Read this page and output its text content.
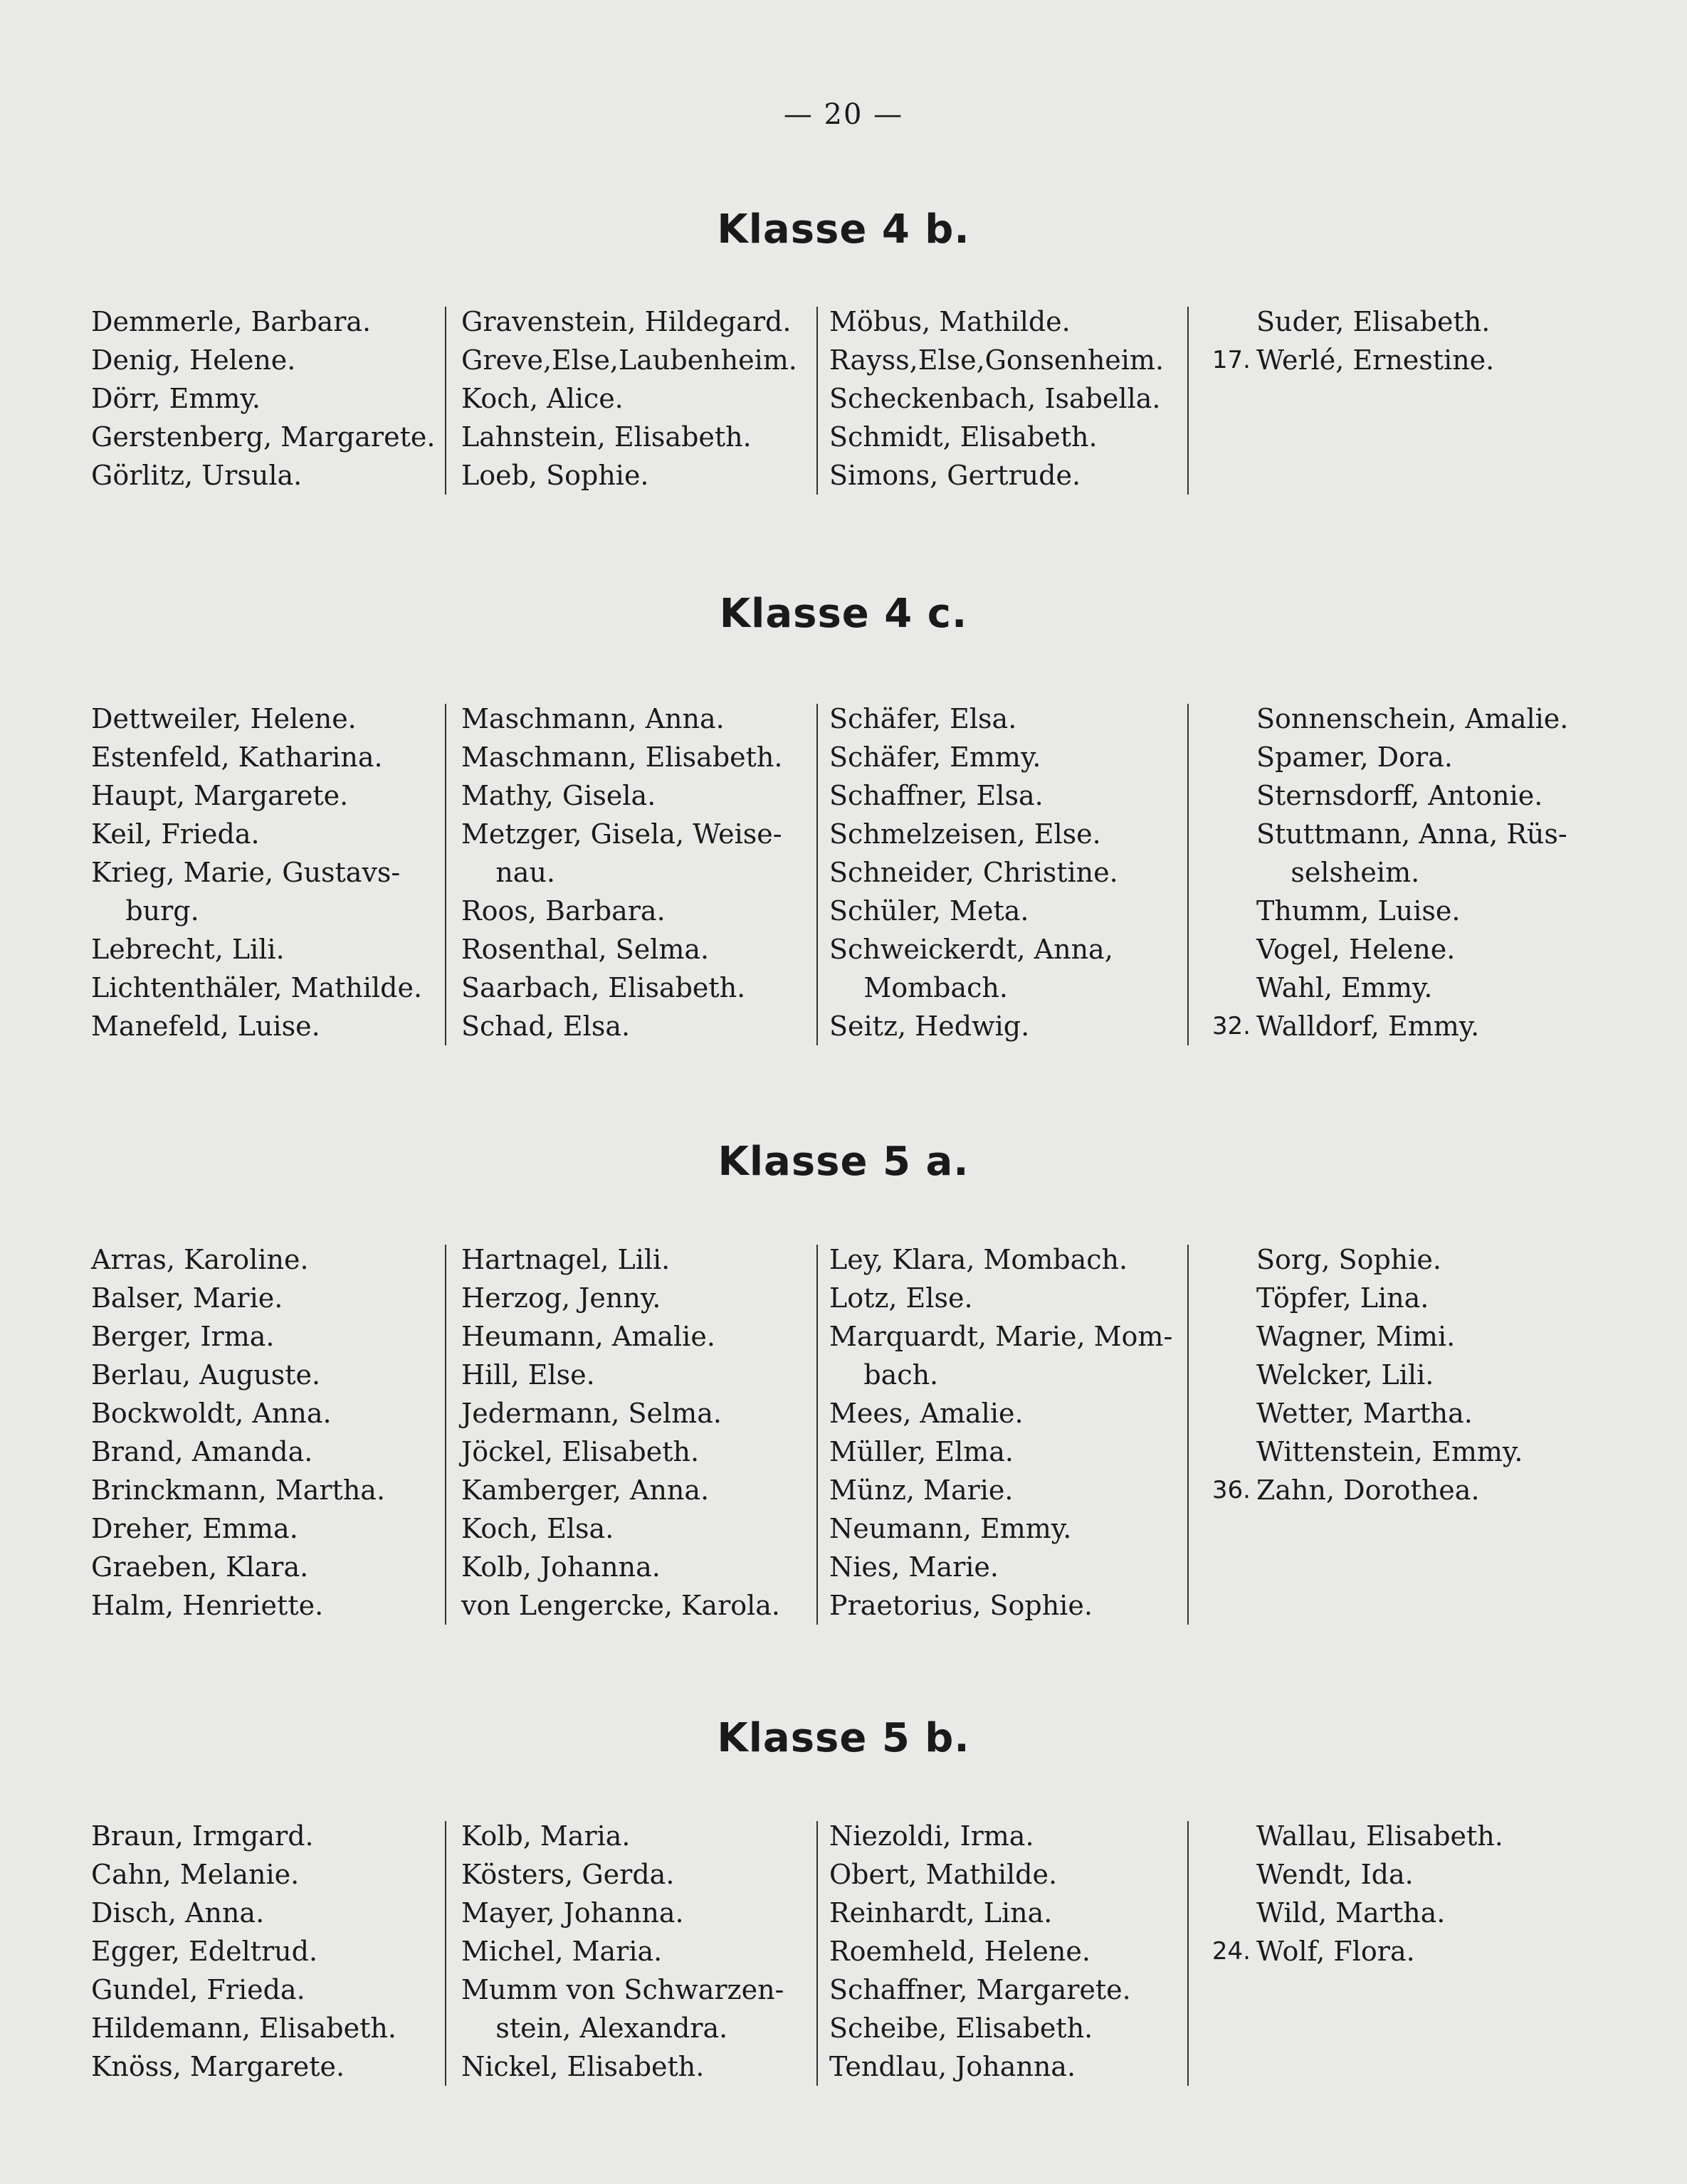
— 20 —
Klasse 4 b.
Demmerle, Barbara.
Denig, Helene.
Dörr, Emmy.
Gerstenberg, Margarete.
Görlitz, Ursula.
Gravenstein, Hildegard.
Greve,Else,Laubenheim.
Koch, Alice.
Lahnstein, Elisabeth.
Loeb, Sophie.
Möbus, Mathilde.
Rayss,Else,Gonsenheim.
Scheckenbach, Isabella.
Schmidt, Elisabeth.
Simons, Gertrude.
Suder, Elisabeth.
17. Werlé, Ernestine.
Klasse 4 c.
Dettweiler, Helene.
Estenfeld, Katharina.
Haupt, Margarete.
Keil, Frieda.
Krieg, Marie, Gustavs-
burg.
Lebrecht, Lili.
Lichtenthäler, Mathilde.
Manefeld, Luise.
Maschmann, Anna.
Maschmann, Elisabeth.
Mathy, Gisela.
Metzger, Gisela, Weise-
nau.
Roos, Barbara.
Rosenthal, Selma.
Saarbach, Elisabeth.
Schad, Elsa.
Schäfer, Elsa.
Schäfer, Emmy.
Schaffner, Elsa.
Schmelzeisen, Else.
Schneider, Christine.
Schüler, Meta.
Schweickerdt, Anna,
Mombach.
Seitz, Hedwig.
Sonnenschein, Amalie.
Spamer, Dora.
Sternsdorff, Antonie.
Stuttmann, Anna, Rüs-
selsheim.
Thumm, Luise.
Vogel, Helene.
Wahl, Emmy.
32. Walldorf, Emmy.
Klasse 5 a.
Arras, Karoline.
Balser, Marie.
Berger, Irma.
Berlau, Auguste.
Bockwoldt, Anna.
Brand, Amanda.
Brinckmann, Martha.
Dreher, Emma.
Graeben, Klara.
Halm, Henriette.
Hartnagel, Lili.
Herzog, Jenny.
Heumann, Amalie.
Hill, Else.
Jedermann, Selma.
Jöckel, Elisabeth.
Kamberger, Anna.
Koch, Elsa.
Kolb, Johanna.
von Lengercke, Karola.
Ley, Klara, Mombach.
Lotz, Else.
Marquardt, Marie, Mom-
bach.
Mees, Amalie.
Müller, Elma.
Münz, Marie.
Neumann, Emmy.
Nies, Marie.
Praetorius, Sophie.
Sorg, Sophie.
Töpfer, Lina.
Wagner, Mimi.
Welcker, Lili.
Wetter, Martha.
Wittenstein, Emmy.
36. Zahn, Dorothea.
Klasse 5 b.
Braun, Irmgard.
Cahn, Melanie.
Disch, Anna.
Egger, Edeltrud.
Gundel, Frieda.
Hildemann, Elisabeth.
Knöss, Margarete.
Kolb, Maria.
Kösters, Gerda.
Mayer, Johanna.
Michel, Maria.
Mumm von Schwarzen-
stein, Alexandra.
Nickel, Elisabeth.
Niezoldi, Irma.
Obert, Mathilde.
Reinhardt, Lina.
Roemheld, Helene.
Schaffner, Margarete.
Scheibe, Elisabeth.
Tendlau, Johanna.
Wallau, Elisabeth.
Wendt, Ida.
Wild, Martha.
24. Wolf, Flora.
